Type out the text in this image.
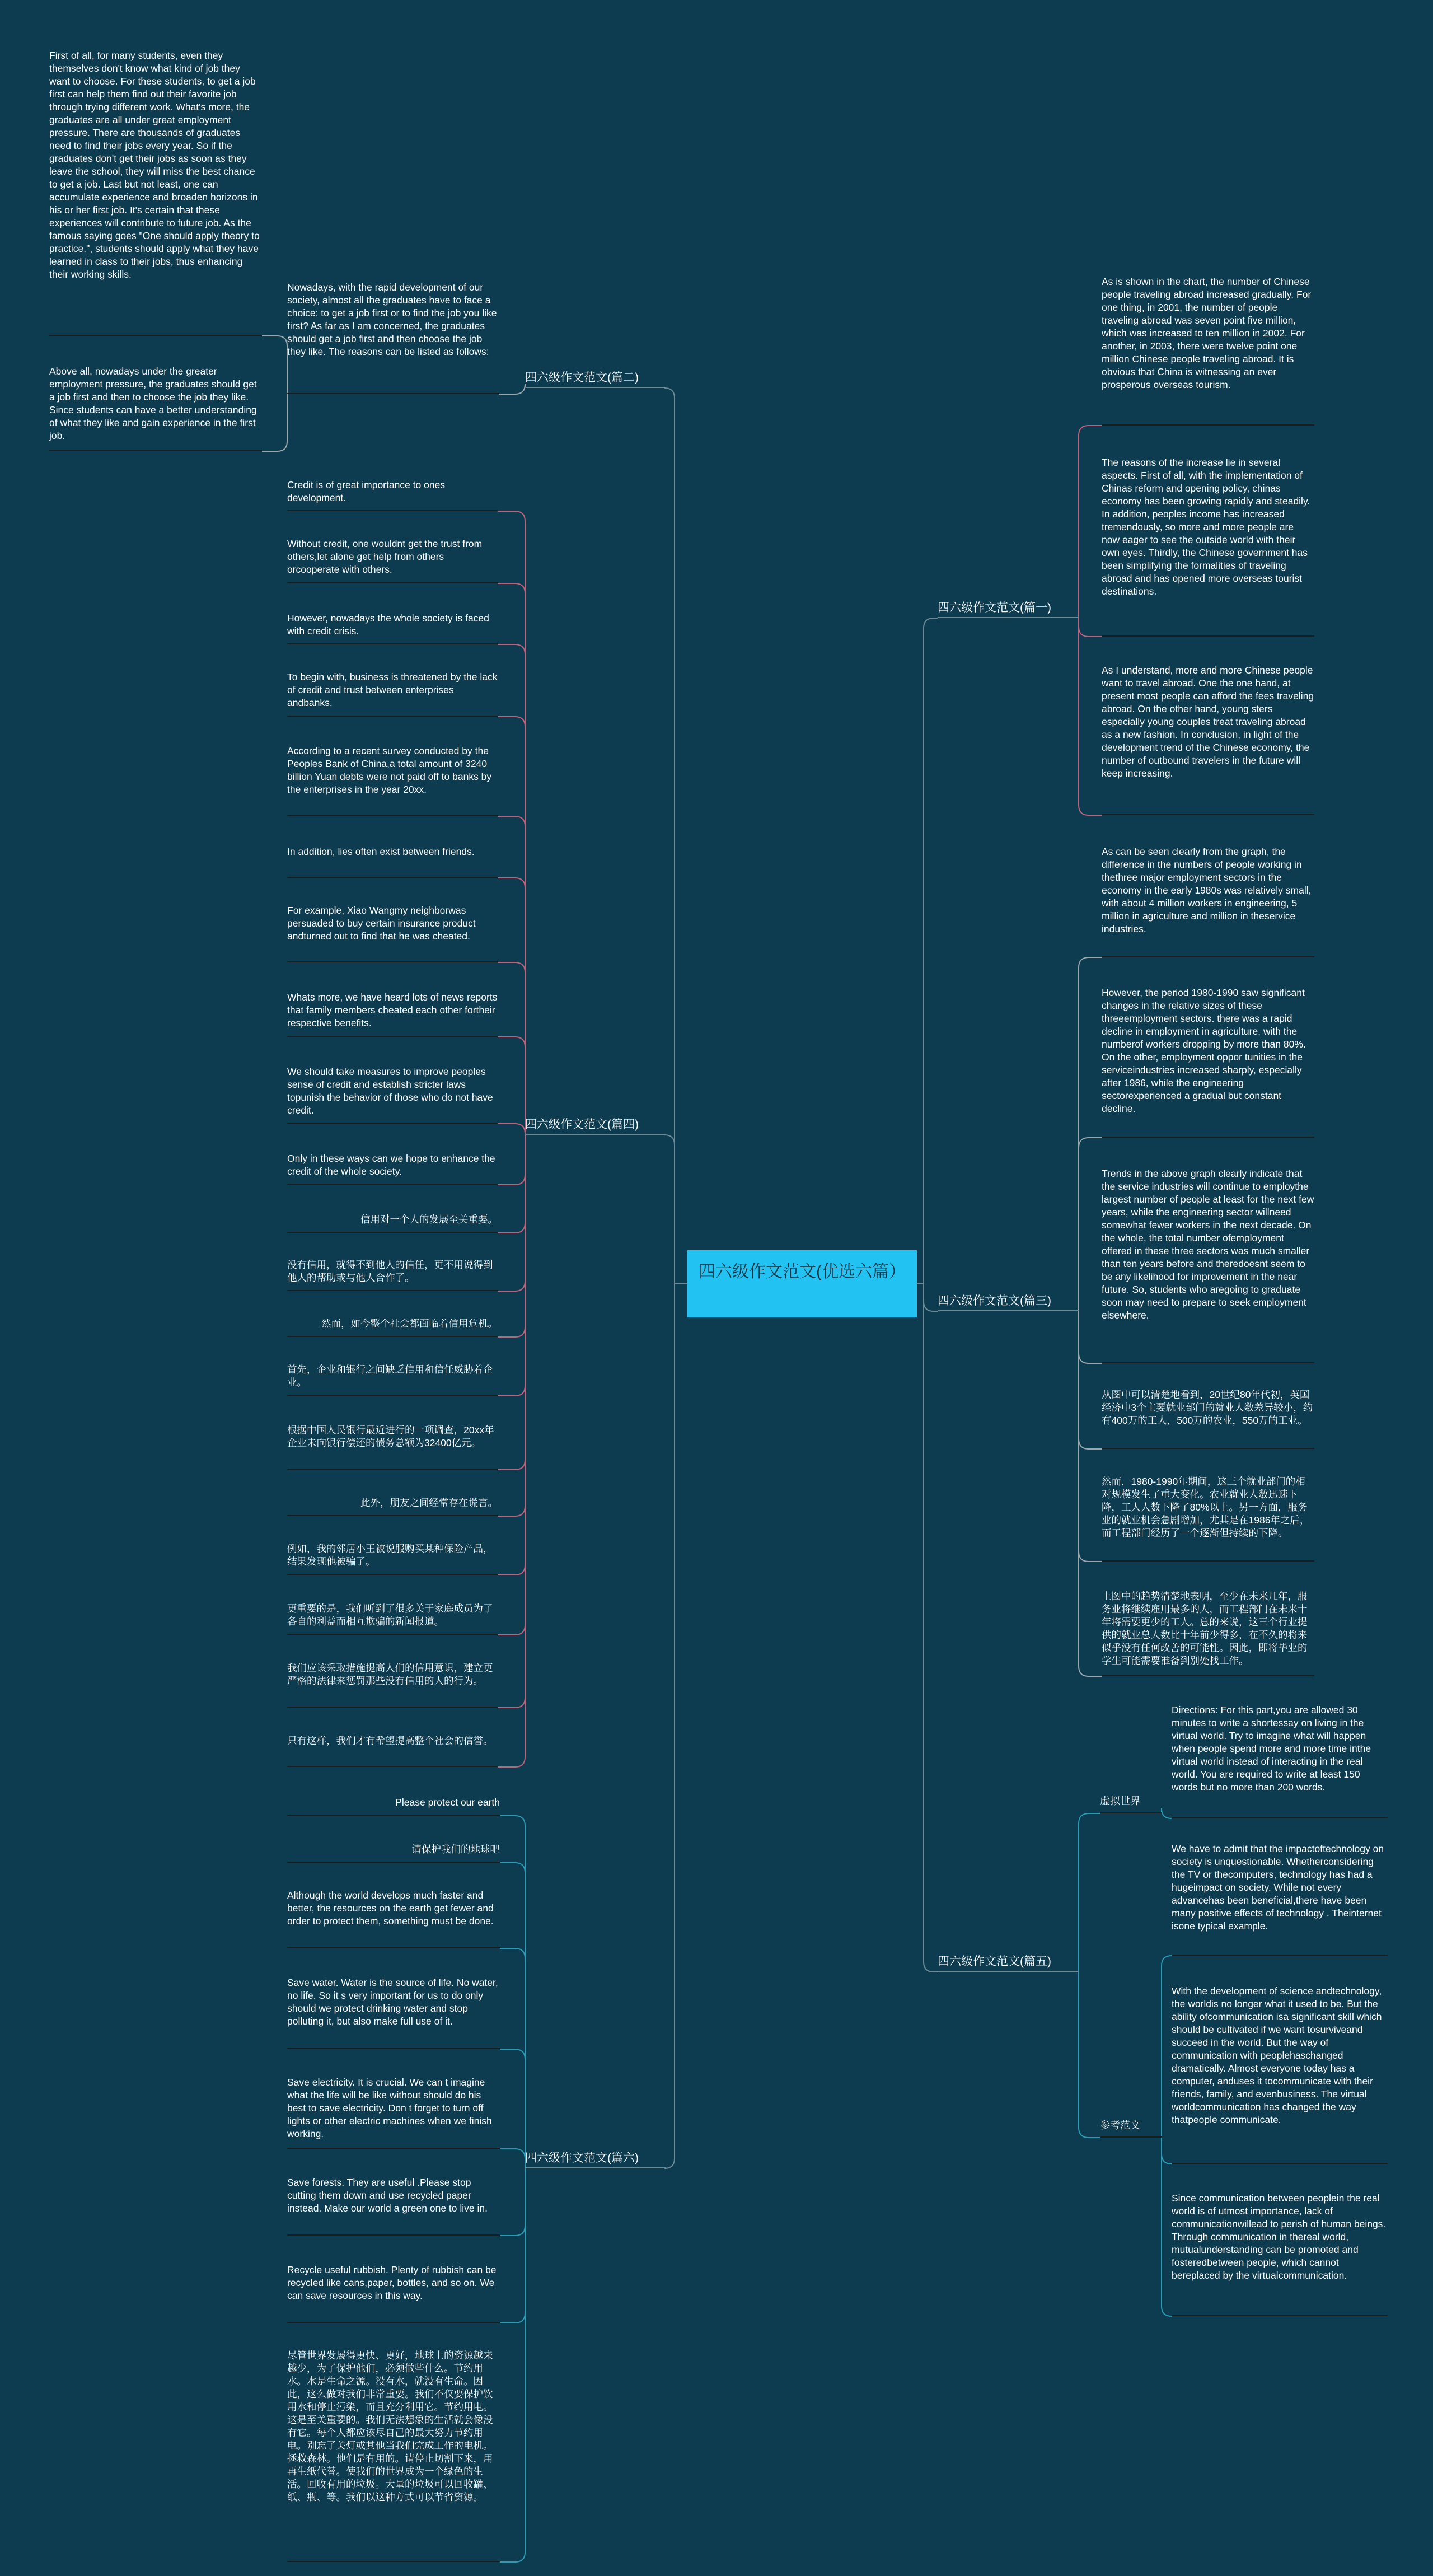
四六级作文范文(优选六篇）
四六级作文范文(篇二)
四六级作文范文(篇四)
四六级作文范文(篇六)
四六级作文范文(篇一)
四六级作文范文(篇三)
四六级作文范文(篇五)
Nowadays, with the rapid development of our society, almost all the graduates have to face a choice: to get a job first or to find the job you like first? As far as I am concerned, the graduates should get a job first and then choose the job they like. The reasons can be listed as follows:
First of all, for many students, even they themselves don't know what kind of job they want to choose. For these students, to get a job first can help them find out their favorite job through trying different work. What's more, the graduates are all under great employment pressure. There are thousands of graduates need to find their jobs every year. So if the graduates don't get their jobs as soon as they leave the school, they will miss the best chance to get a job. Last but not least, one can accumulate experience and broaden horizons in his or her first job. It's certain that these experiences will contribute to future job. As the famous saying goes "One should apply theory to practice.", students should apply what they have learned in class to their jobs, thus enhancing their working skills.
Above all, nowadays under the greater employment pressure, the graduates should get a job first and then to choose the job they like. Since students can have a better understanding of what they like and gain experience in the first job.
Credit is of great importance to ones development.
Without credit, one wouldnt get the trust from others,let alone get help from others orcooperate with others.
However, nowadays the whole society is faced with credit crisis.
To begin with, business is threatened by the lack of credit and trust between enterprises andbanks.
According to a recent survey conducted by the Peoples Bank of China,a total amount of 3240 billion Yuan debts were not paid off to banks by the enterprises in the year 20xx.
In addition, lies often exist between friends.
For example, Xiao Wangmy neighborwas persuaded to buy certain insurance product andturned out to find that he was cheated.
Whats more, we have heard lots of news reports that family members cheated each other fortheir respective benefits.
We should take measures to improve peoples sense of credit and establish stricter laws topunish the behavior of those who do not have credit.
Only in these ways can we hope to enhance the credit of the whole society.
信用对一个人的发展至关重要。
没有信用，就得不到他人的信任，更不用说得到他人的帮助或与他人合作了。
然而，如今整个社会都面临着信用危机。
首先，企业和银行之间缺乏信用和信任威胁着企业。
根据中国人民银行最近进行的一项调查，20xx年企业未向银行偿还的债务总额为32400亿元。
此外，朋友之间经常存在谎言。
例如，我的邻居小王被说服购买某种保险产品，结果发现他被骗了。
更重要的是，我们听到了很多关于家庭成员为了各自的利益而相互欺骗的新闻报道。
我们应该采取措施提高人们的信用意识，建立更严格的法律来惩罚那些没有信用的人的行为。
只有这样，我们才有希望提高整个社会的信誉。
Please protect our earth
请保护我们的地球吧
Although the world develops much faster and better, the resources on the earth get fewer and order to protect them, something must be done.
Save water. Water is the source of life. No water, no life. So it s very important for us to do only should we protect drinking water and stop polluting it, but also make full use of it.
Save electricity. It is crucial. We can t imagine what the life will be like without should do his best to save electricity. Don t forget to turn off lights or other electric machines when we finish working.
Save forests. They are useful .Please stop cutting them down and use recycled paper instead. Make our world a green one to live in.
Recycle useful rubbish. Plenty of rubbish can be recycled like cans,paper, bottles, and so on. We can save resources in this way.
尽管世界发展得更快、更好，地球上的资源越来越少，为了保护他们，必须做些什么。节约用水。水是生命之源。没有水，就没有生命。因此，这么做对我们非常重要。我们不仅要保护饮用水和停止污染，而且充分利用它。节约用电。这是至关重要的。我们无法想象的生活就会像没有它。每个人都应该尽自己的最大努力节约用电。别忘了关灯或其他当我们完成工作的电机。拯救森林。他们是有用的。请停止切割下来，用再生纸代替。使我们的世界成为一个绿色的生活。回收有用的垃圾。大量的垃圾可以回收罐、纸、瓶、等。我们以这种方式可以节省资源。
As is shown in the chart, the number of Chinese people traveling abroad increased gradually. For one thing, in 2001, the number of people traveling abroad was seven point five million, which was increased to ten million in 2002. For another, in 2003, there were twelve point one million Chinese people traveling abroad. It is obvious that China is witnessing an ever prosperous overseas tourism.
The reasons of the increase lie in several aspects. First of all, with the implementation of Chinas reform and opening policy, chinas economy has been growing rapidly and steadily. In addition, peoples income has increased tremendously, so more and more people are now eager to see the outside world with their own eyes. Thirdly, the Chinese government has been simplifying the formalities of traveling abroad and has opened more overseas tourist destinations.
As I understand, more and more Chinese people want to travel abroad. One the one hand, at present most people can afford the fees traveling abroad. On the other hand, young sters especially young couples treat traveling abroad as a new fashion. In conclusion, in light of the development trend of the Chinese economy, the number of outbound travelers in the future will keep increasing.
As can be seen clearly from the graph, the difference in the numbers of people working in thethree major employment sectors in the economy in the early 1980s was relatively small, with about 4 million workers in engineering, 5 million in agriculture and million in theservice industries.
However, the period 1980-1990 saw significant changes in the relative sizes of these threeemployment sectors. there was a rapid decline in employment in agriculture, with the numberof workers dropping by more than 80%. On the other, employment oppor tunities in the serviceindustries increased sharply, especially after 1986, while the engineering sectorexperienced a gradual but constant decline.
Trends in the above graph clearly indicate that the service industries will continue to employthe largest number of people at least for the next few years, while the engineering sector willneed somewhat fewer workers in the next decade. On the whole, the total number ofemployment offered in these three sectors was much smaller than ten years before and theredoesnt seem to be any likelihood for improvement in the near future. So, students who aregoing to graduate soon may need to prepare to seek employment elsewhere.
从图中可以清楚地看到，20世纪80年代初，英国经济中3个主要就业部门的就业人数差异较小，约有400万的工人，500万的农业，550万的工业。
然而，1980-1990年期间，这三个就业部门的相对规模发生了重大变化。农业就业人数迅速下降，工人人数下降了80%以上。另一方面，服务业的就业机会急剧增加，尤其是在1986年之后，而工程部门经历了一个逐渐但持续的下降。
上图中的趋势清楚地表明，至少在未来几年，服务业将继续雇用最多的人，而工程部门在未来十年将需要更少的工人。总的来说，这三个行业提供的就业总人数比十年前少得多，在不久的将来似乎没有任何改善的可能性。因此，即将毕业的学生可能需要准备到别处找工作。
虚拟世界
参考范文
Directions: For this part,you are allowed 30 minutes to write a shortessay on living in the virtual world. Try to imagine what will happen when people spend more and more time inthe virtual world instead of interacting in the real world. You are required to write at least 150 words but no more than 200 words.
We have to admit that the impactoftechnology on society is unquestionable. Whetherconsidering the TV or thecomputers, technology has had a hugeimpact on society. While not every advancehas been beneficial,there have been many positive effects of technology . Theinternet isone typical example.
With the development of science andtechnology, the worldis no longer what it used to be. But the ability ofcommunication isa significant skill which should be cultivated if we want tosurviveand succeed in the world. But the way of communication with peoplehaschanged dramatically. Almost everyone today has a computer, anduses it tocommunicate with their friends, family, and evenbusiness. The virtual worldcommunication has changed the way thatpeople communicate.
Since communication between peoplein the real world is of utmost importance, lack of communicationwillead to perish of human beings. Through communication in thereal world, mutualunderstanding can be promoted and fosteredbetween people, which cannot bereplaced by the virtualcommunication.
